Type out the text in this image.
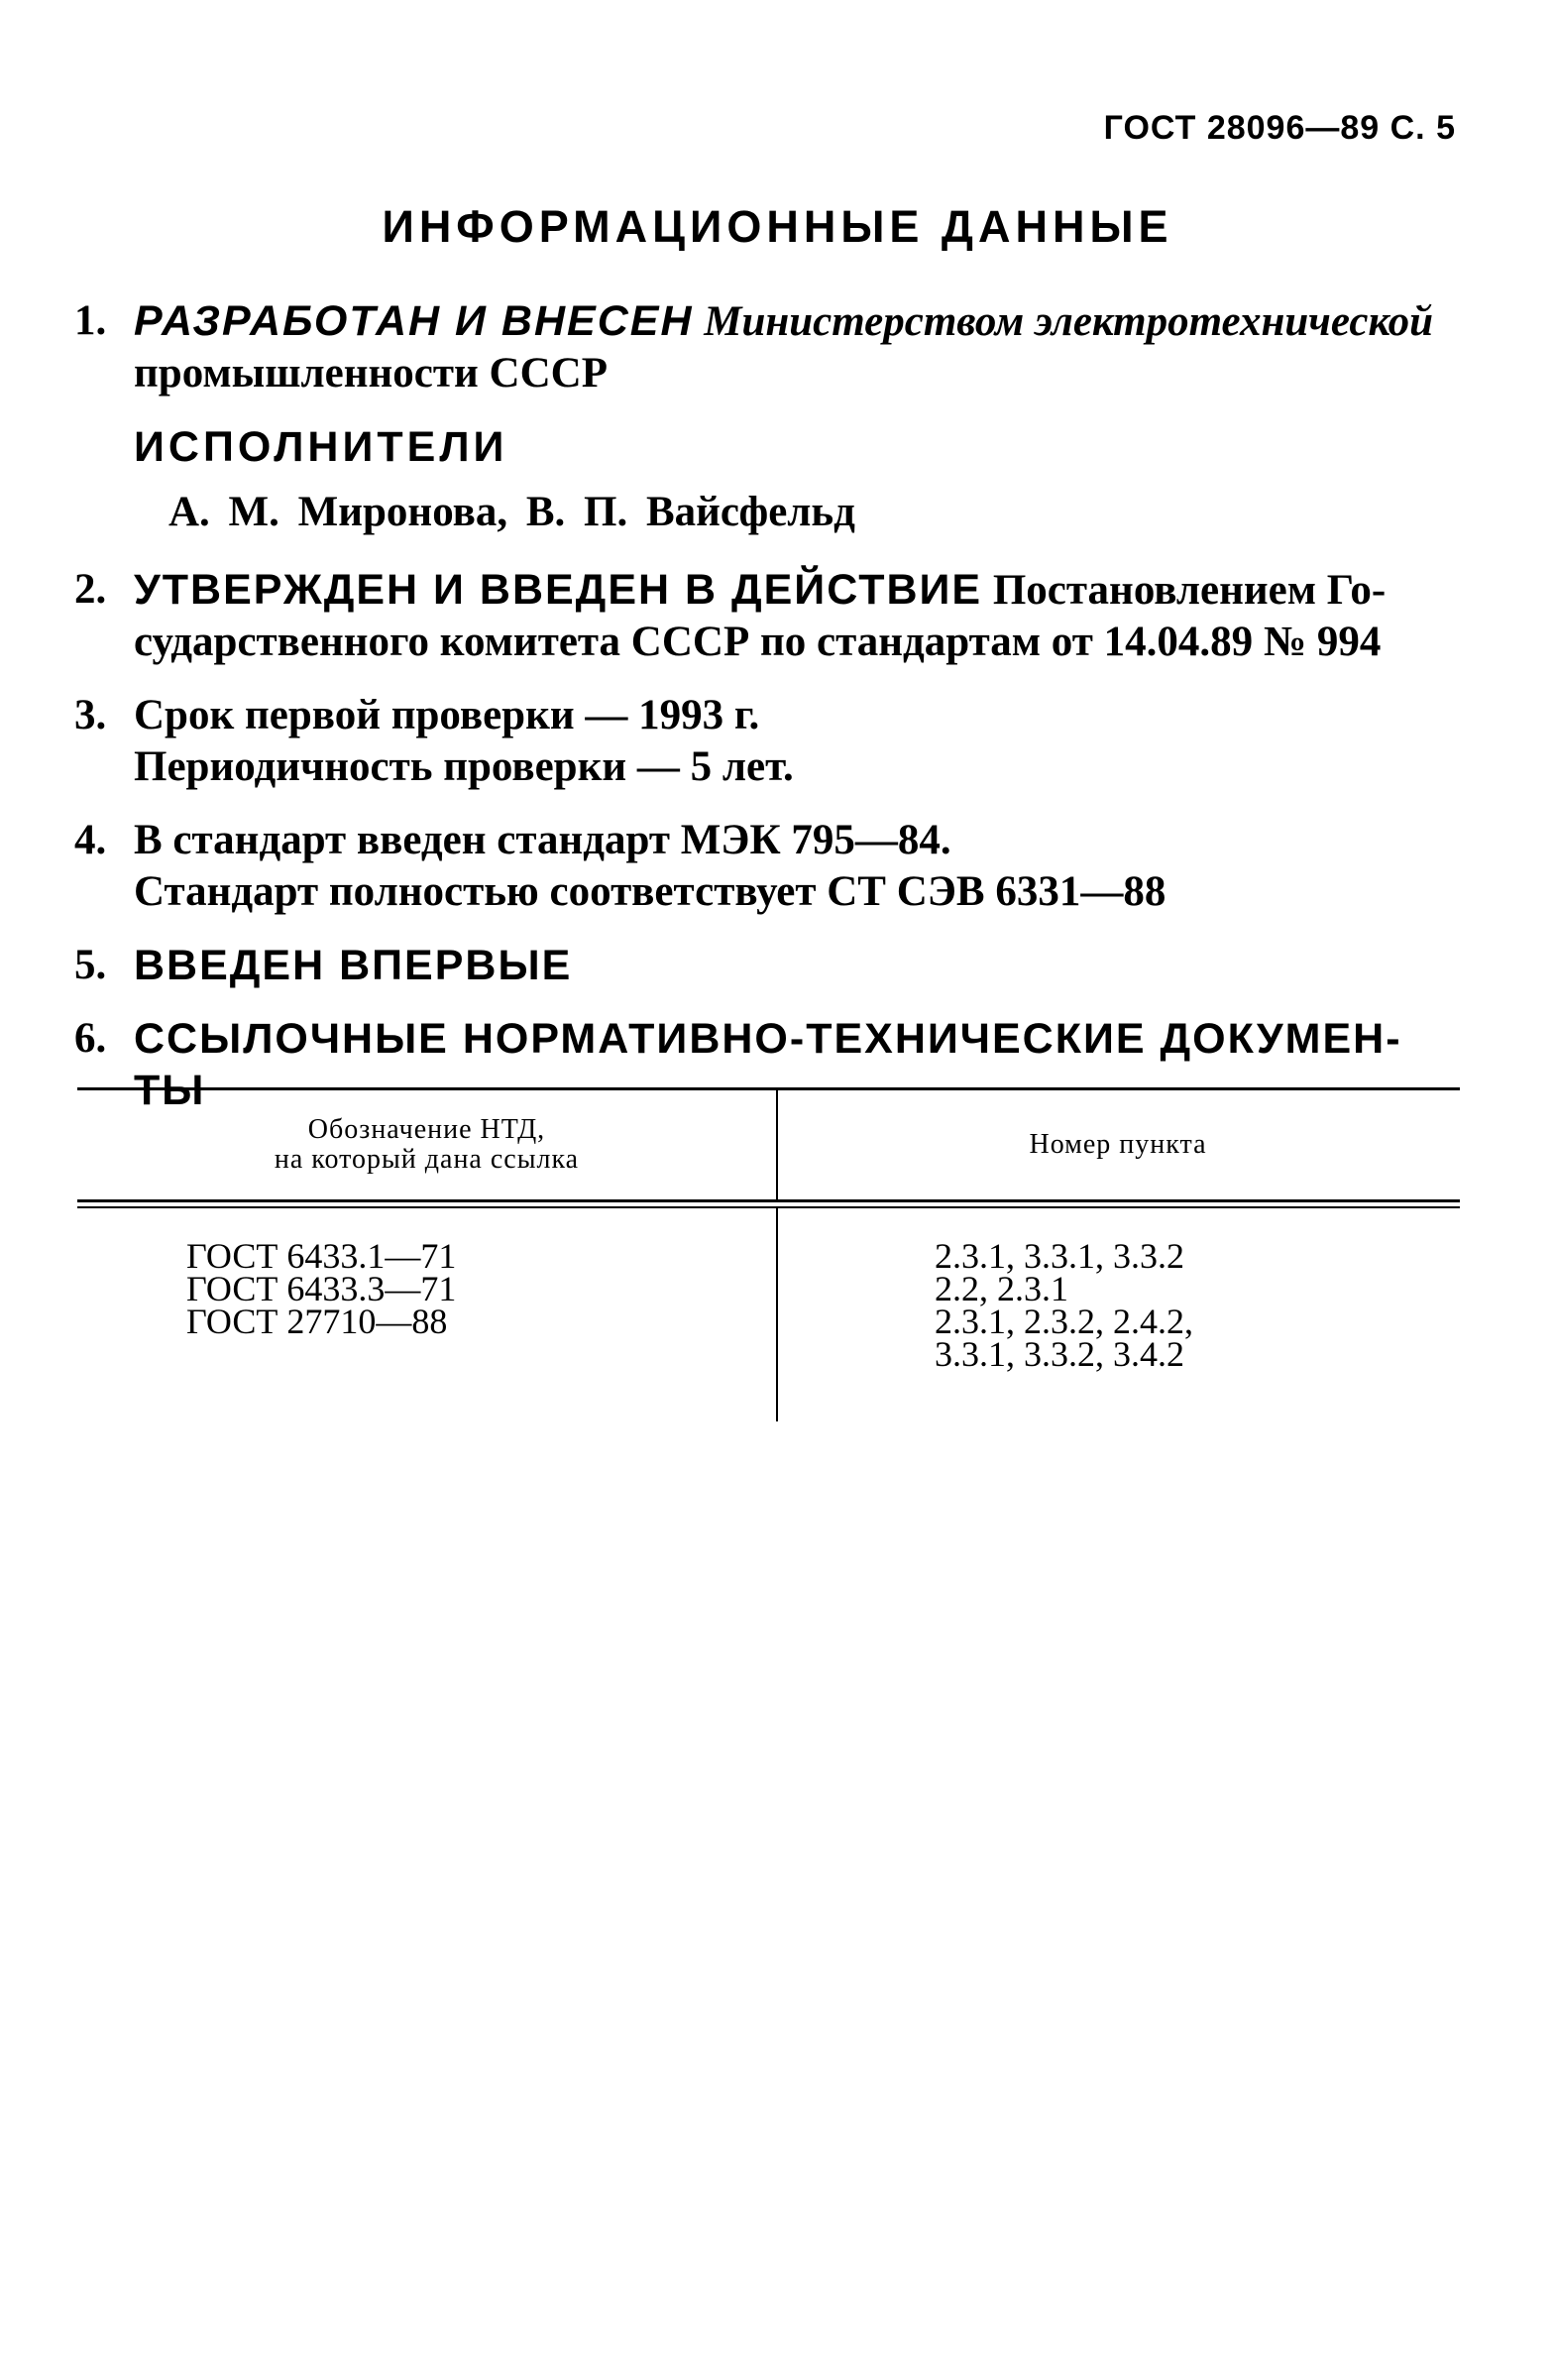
ГОСТ 28096—89 С. 5
ИНФОРМАЦИОННЫЕ ДАННЫЕ
1. РАЗРАБОТАН И ВНЕСЕН Министерством электротехнической
промышленности СССР
ИСПОЛНИТЕЛИ
А. М. Миронова, В. П. Вайсфельд
2. УТВЕРЖДЕН И ВВЕДЕН В ДЕЙСТВИЕ Постановлением Го-
сударственного комитета СССР по стандартам от 14.04.89 № 994
3. Срок первой проверки — 1993 г.
Периодичность проверки — 5 лет.
4. В стандарт введен стандарт МЭК 795—84.
Стандарт полностью соответствует СТ СЭВ 6331—88
5. ВВЕДЕН ВПЕРВЫЕ
6. ССЫЛОЧНЫЕ НОРМАТИВНО-ТЕХНИЧЕСКИЕ ДОКУМЕН-
ТЫ
Обозначение НТД,
на который дана ссылка	Номер пункта
ГОСТ 6433.1—71
ГОСТ 6433.3—71
ГОСТ 27710—88
2.3.1, 3.3.1, 3.3.2
2.2, 2.3.1
2.3.1, 2.3.2, 2.4.2,
3.3.1, 3.3.2, 3.4.2
